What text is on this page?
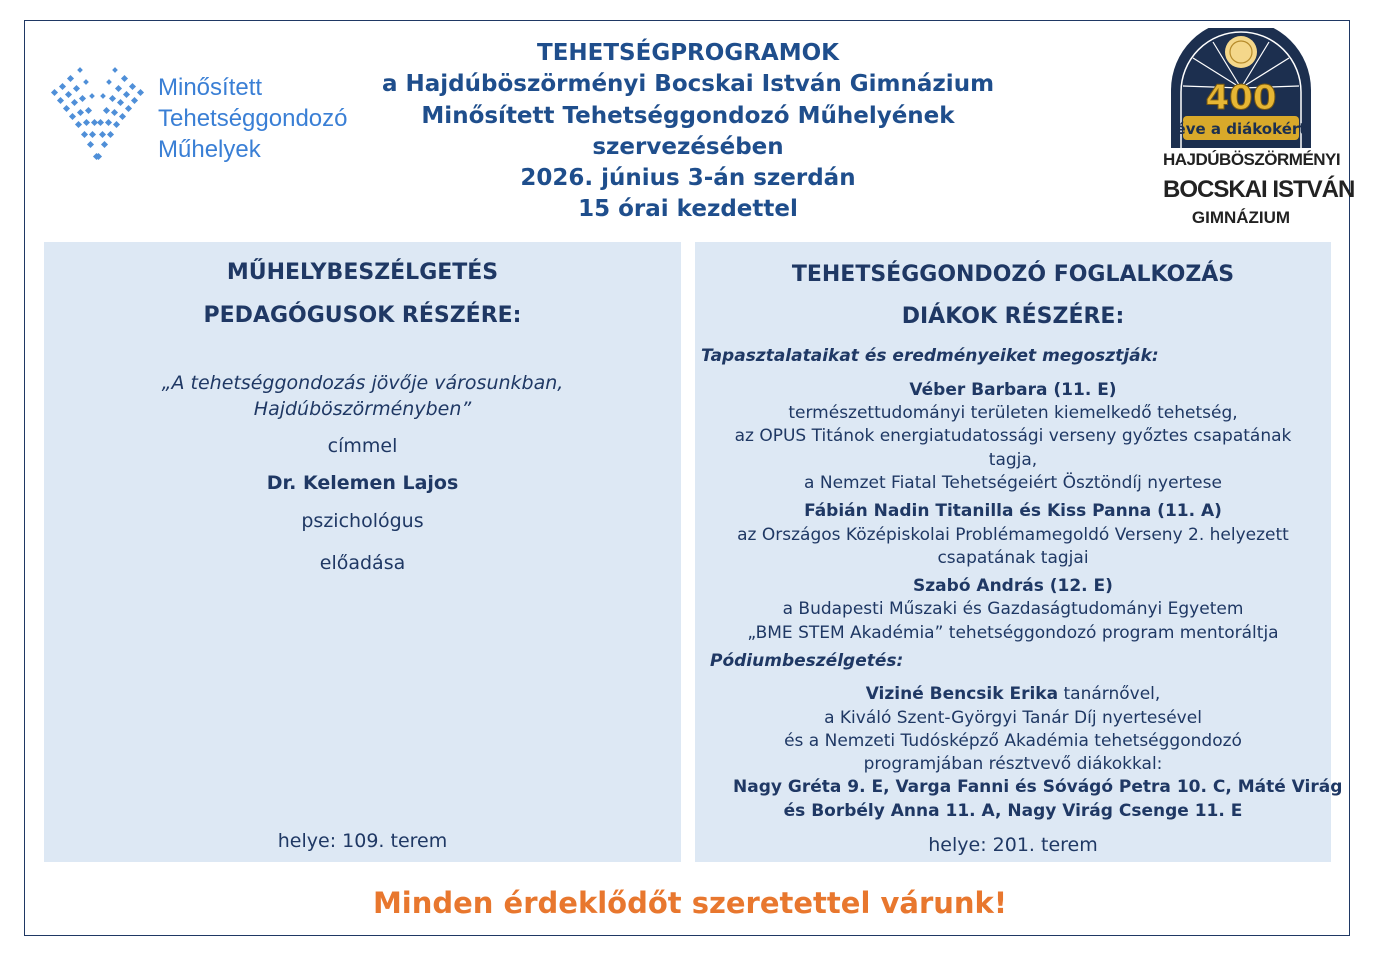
Minősített
Tehetséggondozó
Műhelyek
TEHETSÉGPROGRAMOK
a Hajdúböszörményi Bocskai István Gimnázium
Minősített Tehetséggondozó Műhelyének
szervezésében
2026. június 3-án szerdán
15 órai kezdettel
400
éve a diákokért
HAJDÚBÖSZÖRMÉNYI
BOCSKAI ISTVÁN
GIMNÁZIUM
MŰHELYBESZÉLGETÉS
PEDAGÓGUSOK RÉSZÉRE:
„A tehetséggondozás jövője városunkban,
Hajdúböszörményben”
címmel
Dr. Kelemen Lajos
pszichológus
előadása
helye: 109. terem
TEHETSÉGGONDOZÓ FOGLALKOZÁS
DIÁKOK RÉSZÉRE:
Tapasztalataikat és eredményeiket megosztják:
Véber Barbara (11. E)
természettudományi területen kiemelkedő tehetség,
az OPUS Titánok energiatudatossági verseny győztes csapatának
tagja,
a Nemzet Fiatal Tehetségeiért Ösztöndíj nyertese
Fábián Nadin Titanilla és Kiss Panna (11. A)
az Országos Középiskolai Problémamegoldó Verseny 2. helyezett
csapatának tagjai
Szabó András (12. E)
a Budapesti Műszaki és Gazdaságtudományi Egyetem
„BME STEM Akadémia” tehetséggondozó program mentoráltja
Pódiumbeszélgetés:
Viziné Bencsik Erika tanárnővel,
a Kiváló Szent-Györgyi Tanár Díj nyertesével
és a Nemzeti Tudósképző Akadémia tehetséggondozó
programjában résztvevő diákokkal:
Nagy Gréta 9. E, Varga Fanni és Sóvágó Petra 10. C, Máté Virág
és Borbély Anna 11. A, Nagy Virág Csenge 11. E
helye: 201. terem
Minden érdeklődőt szeretettel várunk!
